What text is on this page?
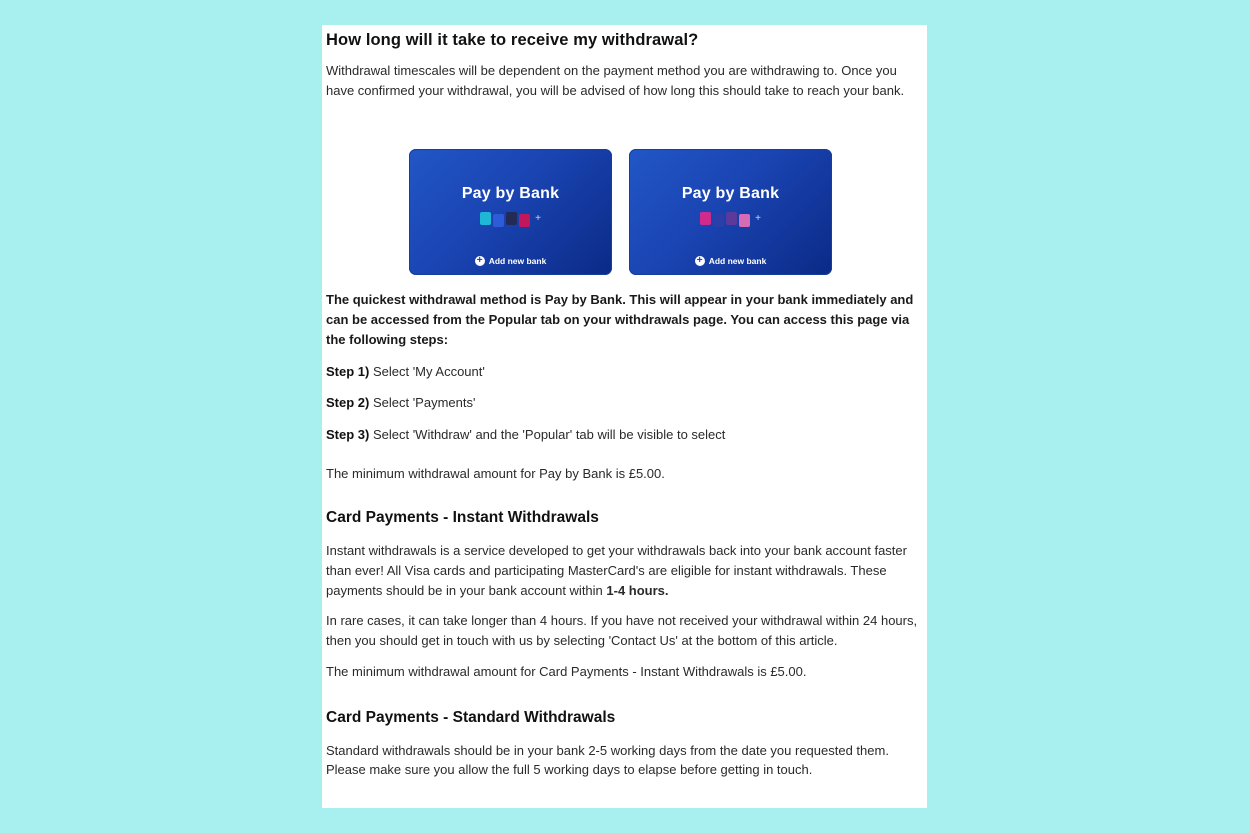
How long will it take to receive my withdrawal?

Withdrawal timescales will be dependent on the payment method you are withdrawing to. Once you have confirmed your withdrawal, you will be advised of how long this should take to reach your bank.

Pay by Bank
+
+ Add new bank
Pay by Bank
+
+ Add new bank

The quickest withdrawal method is Pay by Bank. This will appear in your bank immediately and can be accessed from the Popular tab on your withdrawals page. You can access this page via the following steps:

Step 1) Select 'My Account'

Step 2) Select 'Payments'

Step 3) Select 'Withdraw' and the 'Popular' tab will be visible to select

The minimum withdrawal amount for Pay by Bank is £5.00.

Card Payments - Instant Withdrawals

Instant withdrawals is a service developed to get your withdrawals back into your bank account faster than ever! All Visa cards and participating MasterCard's are eligible for instant withdrawals. These payments should be in your bank account within 1-4 hours.

In rare cases, it can take longer than 4 hours. If you have not received your withdrawal within 24 hours, then you should get in touch with us by selecting 'Contact Us' at the bottom of this article.

The minimum withdrawal amount for Card Payments - Instant Withdrawals is £5.00.

Card Payments - Standard Withdrawals

Standard withdrawals should be in your bank 2-5 working days from the date you requested them. Please make sure you allow the full 5 working days to elapse before getting in touch.
